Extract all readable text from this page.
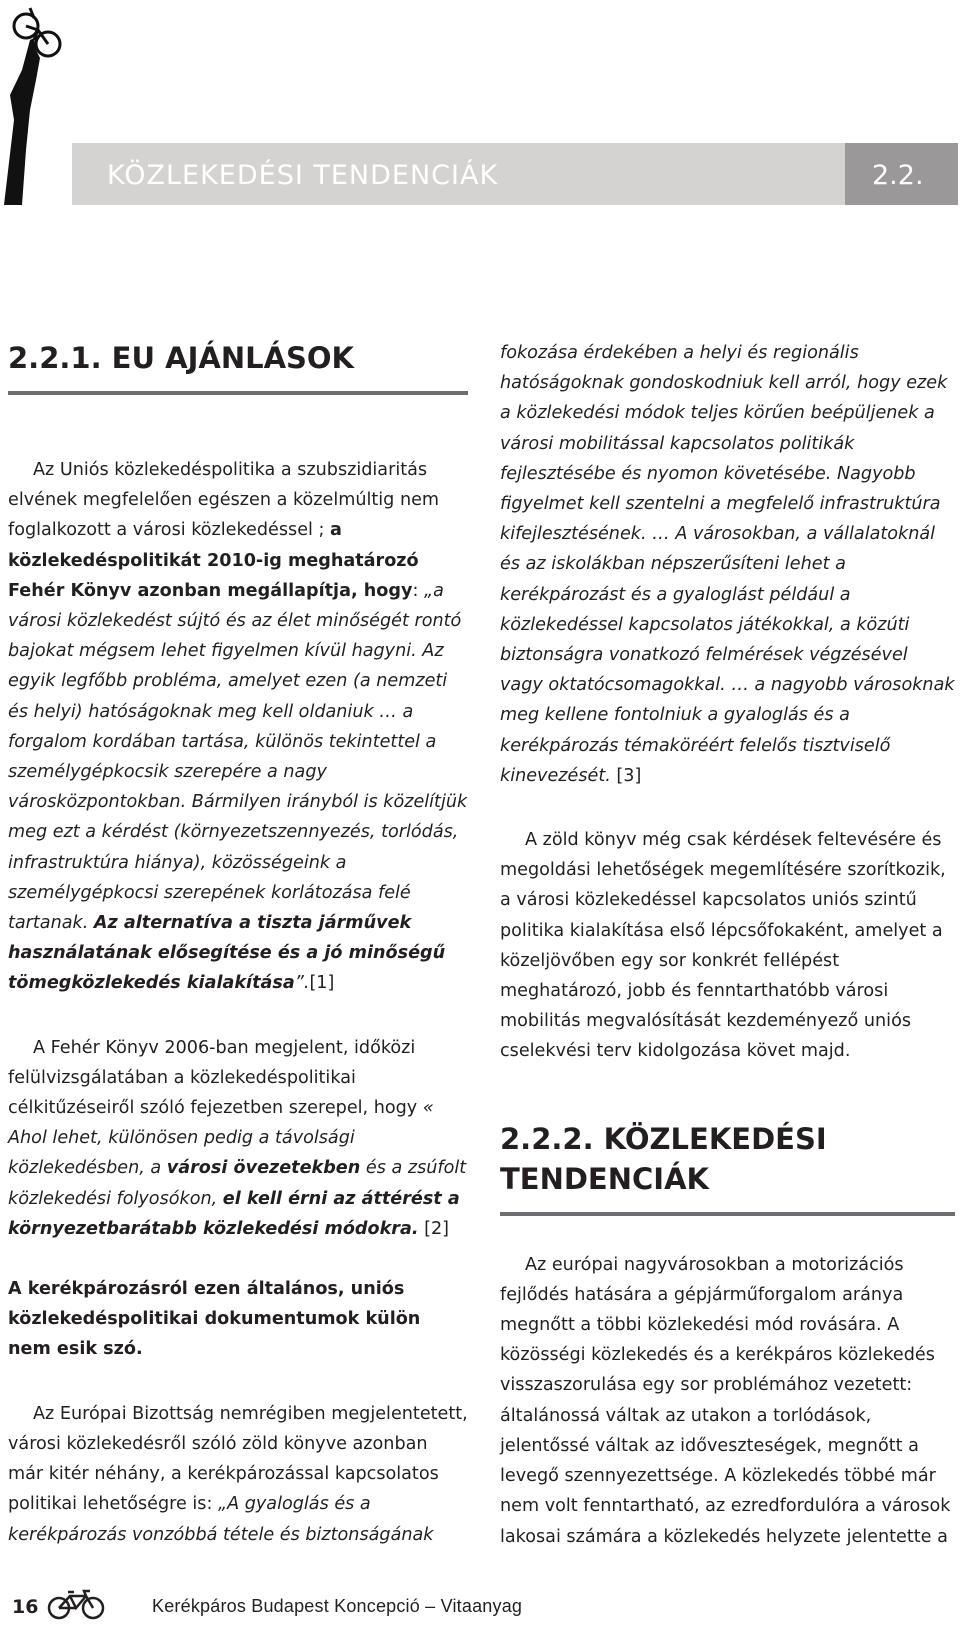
KÖZLEKEDÉSI TENDENCIÁK	2.2.
2.2.1. EU AJÁNLÁSOK

Az Uniós közlekedéspolitika a szubszidiaritás elvének megfelelően egészen a közelmúltig nem foglalkozott a városi közlekedéssel ; a közlekedéspolitikát 2010-ig meghatározó Fehér Könyv azonban megállapítja, hogy: „a városi közlekedést sújtó és az élet minőségét rontó bajokat mégsem lehet figyelmen kívül hagyni. Az egyik legfőbb probléma, amelyet ezen (a nemzeti és helyi) hatóságoknak meg kell oldaniuk … a forgalom kordában tartása, különös tekintettel a személygépkocsik szerepére a nagy városközpontokban. Bármilyen irányból is közelítjük meg ezt a kérdést (környezetszennyezés, torlódás, infrastruktúra hiánya), közösségeink a személygépkocsi szerepének korlátozása felé tartanak. Az alternatíva a tiszta járművek használatának elősegítése és a jó minőségű tömegközlekedés kialakítása”.[1]

A Fehér Könyv 2006-ban megjelent, időközi felülvizsgálatában a közlekedéspolitikai célkitűzéseiről szóló fejezetben szerepel, hogy « Ahol lehet, különösen pedig a távolsági közlekedésben, a városi övezetekben és a zsúfolt közlekedési folyosókon, el kell érni az áttérést a környezetbarátabb közlekedési módokra. [2]

A kerékpározásról ezen általános, uniós közlekedéspolitikai dokumentumok külön nem esik szó.

Az Európai Bizottság nemrégiben megjelentetett, városi közlekedésről szóló zöld könyve azonban már kitér néhány, a kerékpározással kapcsolatos politikai lehetőségre is: „A gyaloglás és a kerékpározás vonzóbbá tétele és biztonságának

fokozása érdekében a helyi és regionális hatóságoknak gondoskodniuk kell arról, hogy ezek a közlekedési módok teljes körűen beépüljenek a városi mobilitással kapcsolatos politikák fejlesztésébe és nyomon követésébe. Nagyobb figyelmet kell szentelni a megfelelő infrastruktúra kifejlesztésének. … A városokban, a vállalatoknál és az iskolákban népszerűsíteni lehet a kerékpározást és a gyaloglást például a közlekedéssel kapcsolatos játékokkal, a közúti biztonságra vonatkozó felmérések végzésével vagy oktatócsomagokkal. … a nagyobb városoknak meg kellene fontolniuk a gyaloglás és a kerékpározás témaköréért felelős tisztviselő kinevezését. [3]

A zöld könyv még csak kérdések feltevésére és megoldási lehetőségek megemlítésére szorítkozik, a városi közlekedéssel kapcsolatos uniós szintű politika kialakítása első lépcsőfokaként, amelyet a közeljövőben egy sor konkrét fellépést meghatározó, jobb és fenntarthatóbb városi mobilitás megvalósítását kezdeményező uniós cselekvési terv kidolgozása követ majd.

2.2.2. KÖZLEKEDÉSI
TENDENCIÁK

Az európai nagyvárosokban a motorizációs fejlődés hatására a gépjárműforgalom aránya megnőtt a többi közlekedési mód rovására. A közösségi közlekedés és a kerékpáros közlekedés visszaszorulása egy sor problémához vezetett: általánossá váltak az utakon a torlódások, jelentőssé váltak az időveszteségek, megnőtt a levegő szennyezettsége. A közlekedés többé már nem volt fenntartható, az ezredfordulóra a városok lakosai számára a közlekedés helyzete jelentette a

16	Kerékpáros Budapest Koncepció – Vitaanyag
